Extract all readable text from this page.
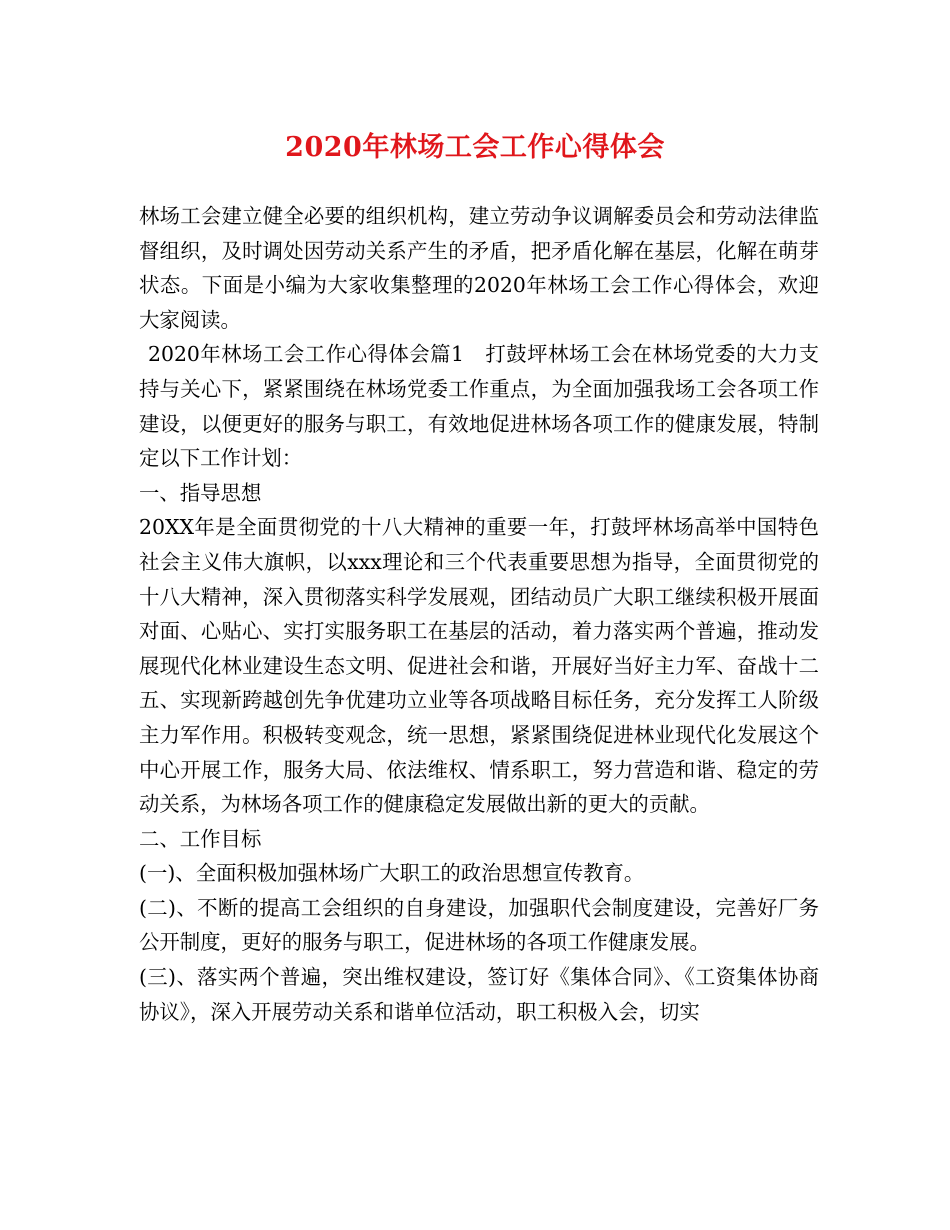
2020年林场工会工作心得体会

林场工会建立健全必要的组织机构，建立劳动争议调解委员会和劳动法律监督组织，及时调处因劳动关系产生的矛盾，把矛盾化解在基层，化解在萌芽状态。下面是小编为大家收集整理的2020年林场工会工作心得体会，欢迎大家阅读。

2020年林场工会工作心得体会篇1　打鼓坪林场工会在林场党委的大力支持与关心下，紧紧围绕在林场党委工作重点，为全面加强我场工会各项工作建设，以便更好的服务与职工，有效地促进林场各项工作的健康发展，特制定以下工作计划：

一、指导思想

20XX年是全面贯彻党的十八大精神的重要一年，打鼓坪林场高举中国特色社会主义伟大旗帜，以xxx理论和三个代表重要思想为指导，全面贯彻党的十八大精神，深入贯彻落实科学发展观，团结动员广大职工继续积极开展面对面、心贴心、实打实服务职工在基层的活动，着力落实两个普遍，推动发展现代化林业建设生态文明、促进社会和谐，开展好当好主力军、奋战十二五、实现新跨越创先争优建功立业等各项战略目标任务，充分发挥工人阶级主力军作用。积极转变观念，统一思想，紧紧围绕促进林业现代化发展这个中心开展工作，服务大局、依法维权、情系职工，努力营造和谐、稳定的劳动关系，为林场各项工作的健康稳定发展做出新的更大的贡献。

二、工作目标

(一)、全面积极加强林场广大职工的政治思想宣传教育。

(二)、不断的提高工会组织的自身建设，加强职代会制度建设，完善好厂务公开制度，更好的服务与职工，促进林场的各项工作健康发展。

(三)、落实两个普遍，突出维权建设，签订好《集体合同》、《工资集体协商协议》，深入开展劳动关系和谐单位活动，职工积极入会，切实
